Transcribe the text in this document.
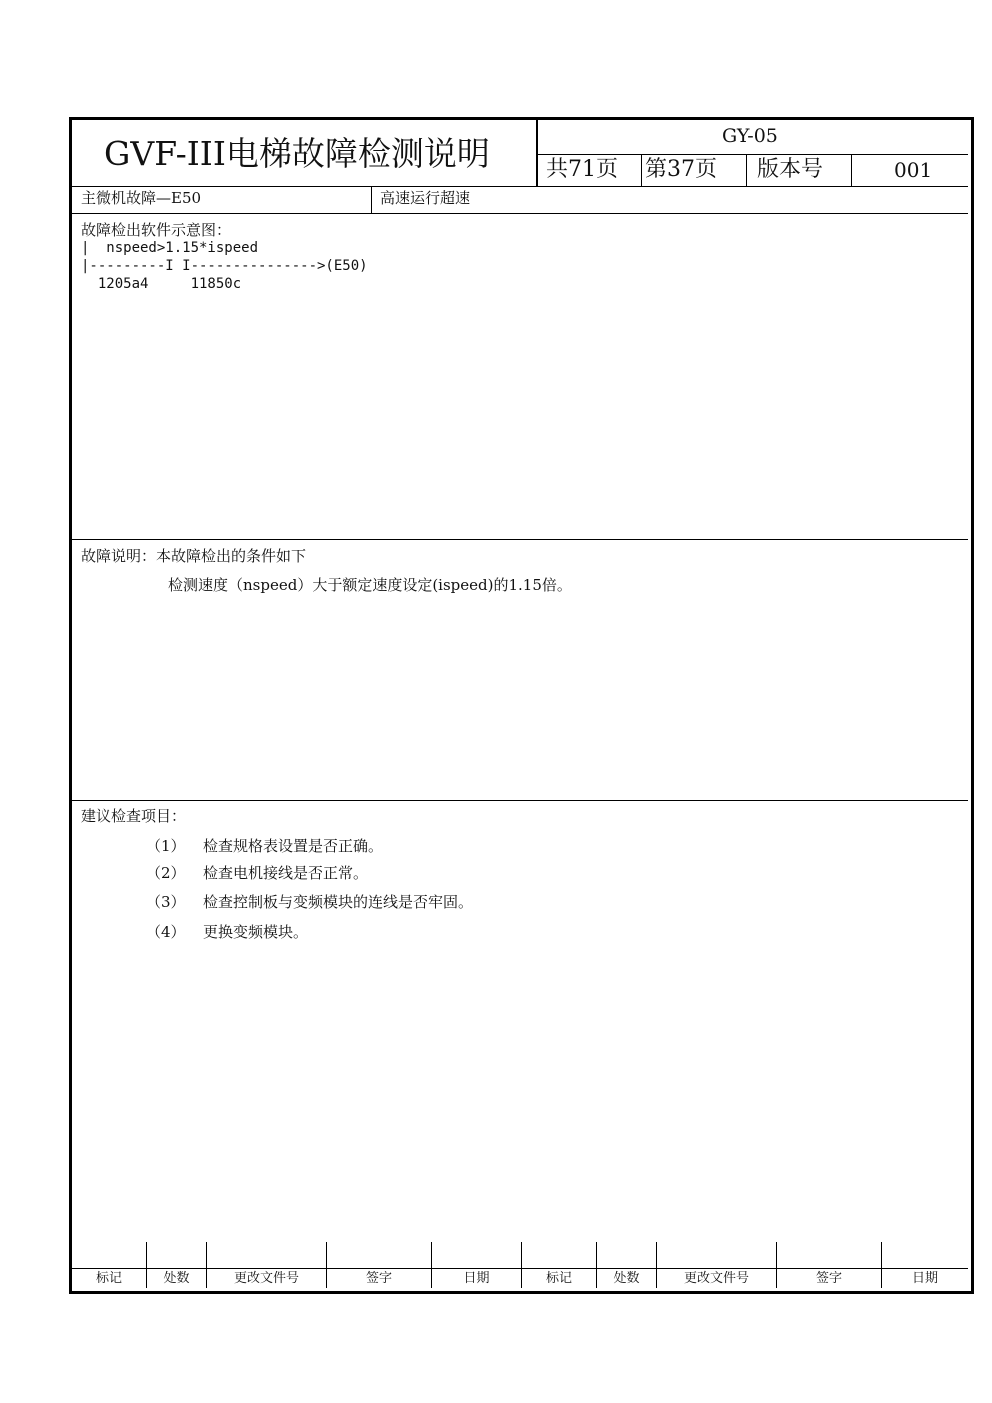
GVF-III电梯故障检测说明	GY-05
共71页 第37页 版本号	001
主微机故障—E50	高速运行超速
故障检出软件示意图：
|  nspeed>1.15*ispeed
|---------I I--------------->(E50)
1205a4     11850c
故障说明：本故障检出的条件如下
检测速度（nspeed）大于额定速度设定(ispeed)的1.15倍。
建议检查项目：
（1） 检查规格表设置是否正确。
（2） 检查电机接线是否正常。
（3） 检查控制板与变频模块的连线是否牢固。
（4） 更换变频模块。
标记	处数	更改文件号	签字	日期	标记	处数	更改文件号	签字	日期
